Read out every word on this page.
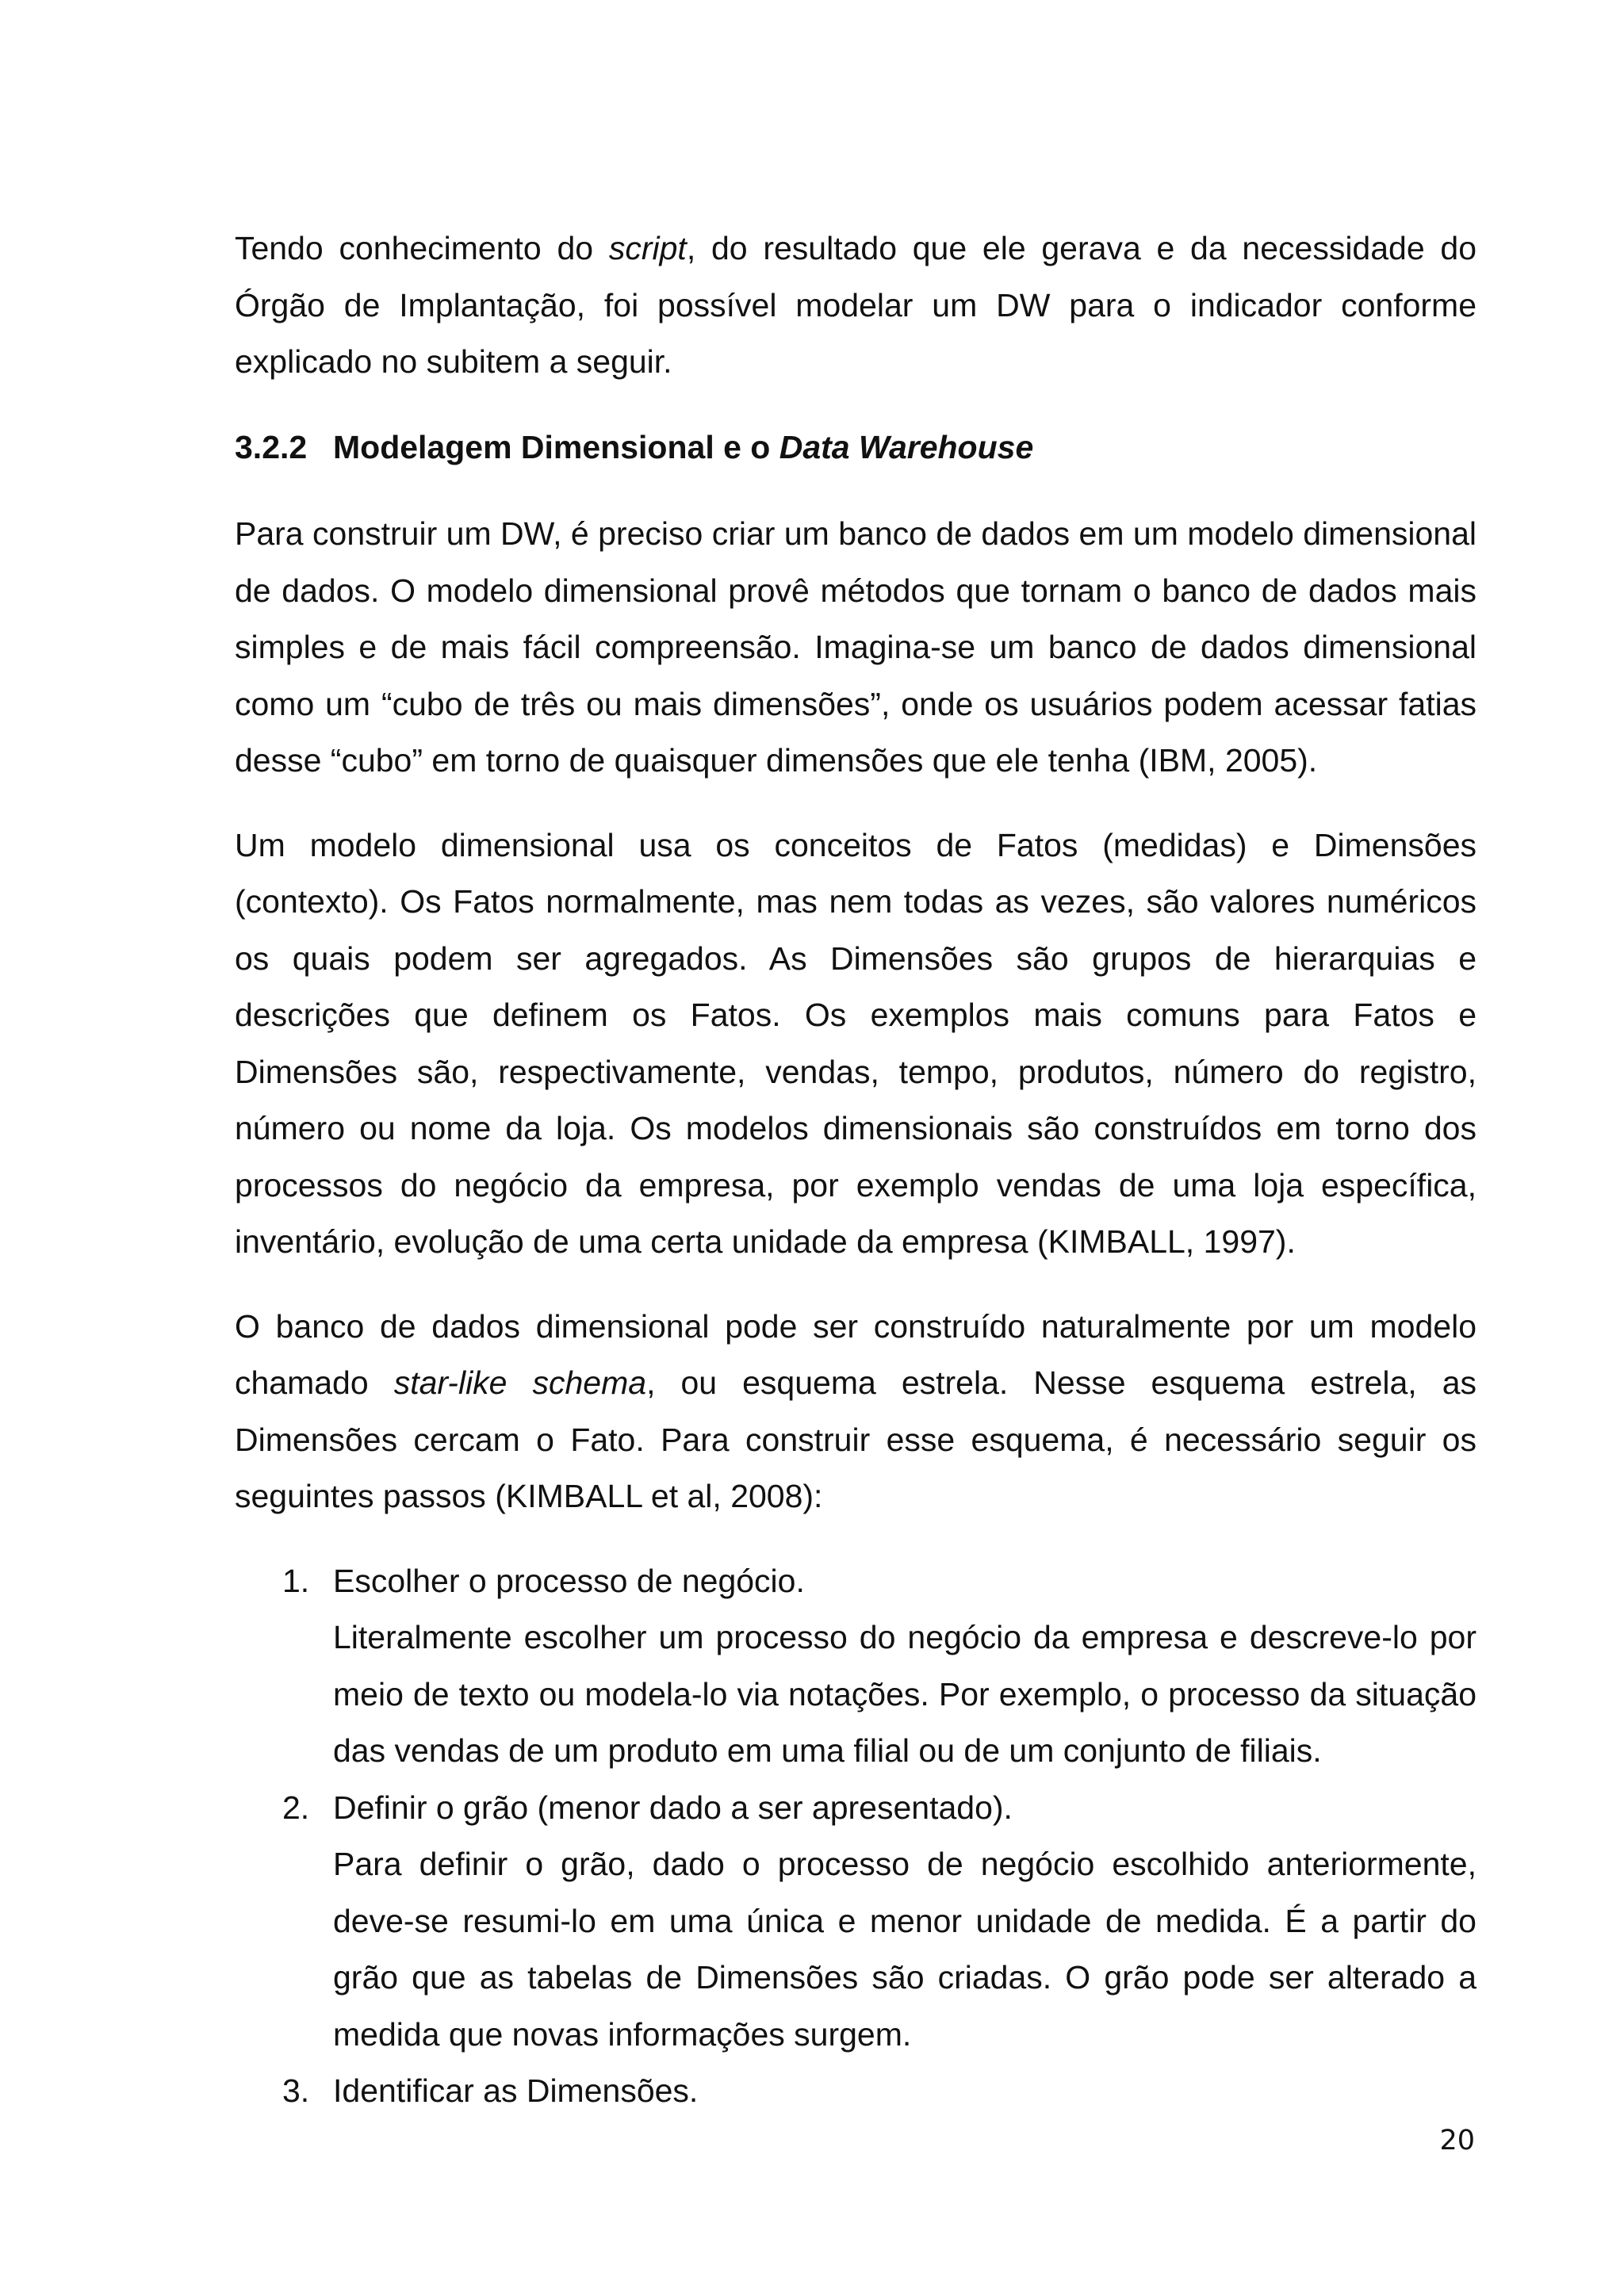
Tendo conhecimento do script, do resultado que ele gerava e da necessidade do Órgão de Implantação, foi possível modelar um DW para o indicador conforme explicado no subitem a seguir.

3.2.2 Modelagem Dimensional e o Data Warehouse

Para construir um DW, é preciso criar um banco de dados em um modelo dimensional de dados. O modelo dimensional provê métodos que tornam o banco de dados mais simples e de mais fácil compreensão. Imagina-se um banco de dados dimensional como um “cubo de três ou mais dimensões”, onde os usuários podem acessar fatias desse “cubo” em torno de quaisquer dimensões que ele tenha (IBM, 2005).

Um modelo dimensional usa os conceitos de Fatos (medidas) e Dimensões (contexto). Os Fatos normalmente, mas nem todas as vezes, são valores numéricos os quais podem ser agregados. As Dimensões são grupos de hierarquias e descrições que definem os Fatos. Os exemplos mais comuns para Fatos e Dimensões são, respectivamente, vendas, tempo, produtos, número do registro, número ou nome da loja. Os modelos dimensionais são construídos em torno dos processos do negócio da empresa, por exemplo vendas de uma loja específica, inventário, evolução de uma certa unidade da empresa (KIMBALL, 1997).

O banco de dados dimensional pode ser construído naturalmente por um modelo chamado star-like schema, ou esquema estrela. Nesse esquema estrela, as Dimensões cercam o Fato. Para construir esse esquema, é necessário seguir os seguintes passos (KIMBALL et al, 2008):

1. Escolher o processo de negócio.
Literalmente escolher um processo do negócio da empresa e descreve-lo por meio de texto ou modela-lo via notações. Por exemplo, o processo da situação das vendas de um produto em uma filial ou de um conjunto de filiais.
2. Definir o grão (menor dado a ser apresentado).
Para definir o grão, dado o processo de negócio escolhido anteriormente, deve-se resumi-lo em uma única e menor unidade de medida. É a partir do grão que as tabelas de Dimensões são criadas. O grão pode ser alterado a medida que novas informações surgem.
3. Identificar as Dimensões.
20
